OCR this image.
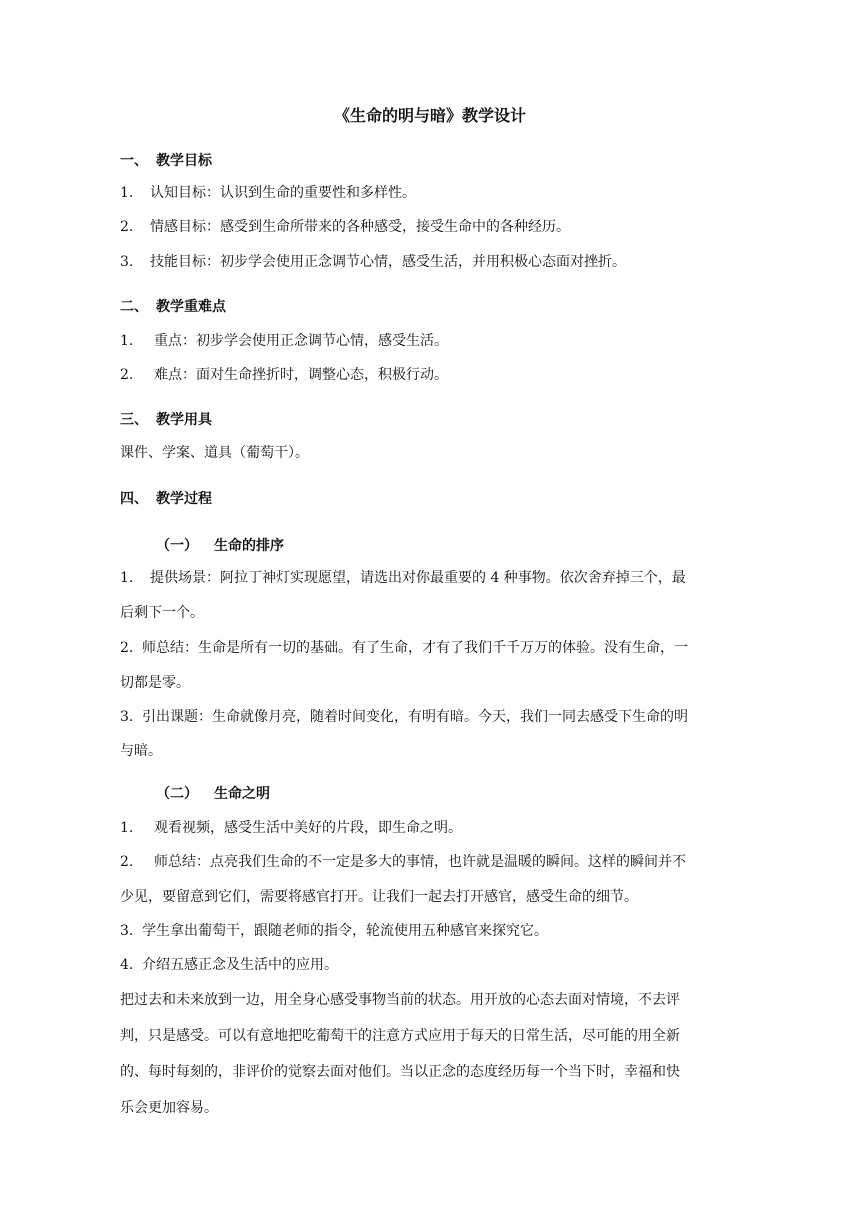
《生命的明与暗》教学设计
一、 教学目标
1. 认知目标：认识到生命的重要性和多样性。
2. 情感目标：感受到生命所带来的各种感受，接受生命中的各种经历。
3. 技能目标：初步学会使用正念调节心情，感受生活，并用积极心态面对挫折。
二、 教学重难点
1. 重点：初步学会使用正念调节心情，感受生活。
2. 难点：面对生命挫折时，调整心态，积极行动。
三、 教学用具
课件、学案、道具（葡萄干）。
四、 教学过程
（一） 生命的排序
1. 提供场景：阿拉丁神灯实现愿望，请选出对你最重要的 4 种事物。依次舍弃掉三个，最
后剩下一个。
2. 师总结：生命是所有一切的基础。有了生命，才有了我们千千万万的体验。没有生命，一
切都是零。
3. 引出课题：生命就像月亮，随着时间变化，有明有暗。今天，我们一同去感受下生命的明
与暗。
（二） 生命之明
1. 观看视频，感受生活中美好的片段，即生命之明。
2. 师总结：点亮我们生命的不一定是多大的事情，也许就是温暖的瞬间。这样的瞬间并不
少见，要留意到它们，需要将感官打开。让我们一起去打开感官，感受生命的细节。
3. 学生拿出葡萄干，跟随老师的指令，轮流使用五种感官来探究它。
4. 介绍五感正念及生活中的应用。
把过去和未来放到一边，用全身心感受事物当前的状态。用开放的心态去面对情境，不去评
判，只是感受。可以有意地把吃葡萄干的注意方式应用于每天的日常生活，尽可能的用全新
的、每时每刻的，非评价的觉察去面对他们。当以正念的态度经历每一个当下时，幸福和快
乐会更加容易。
